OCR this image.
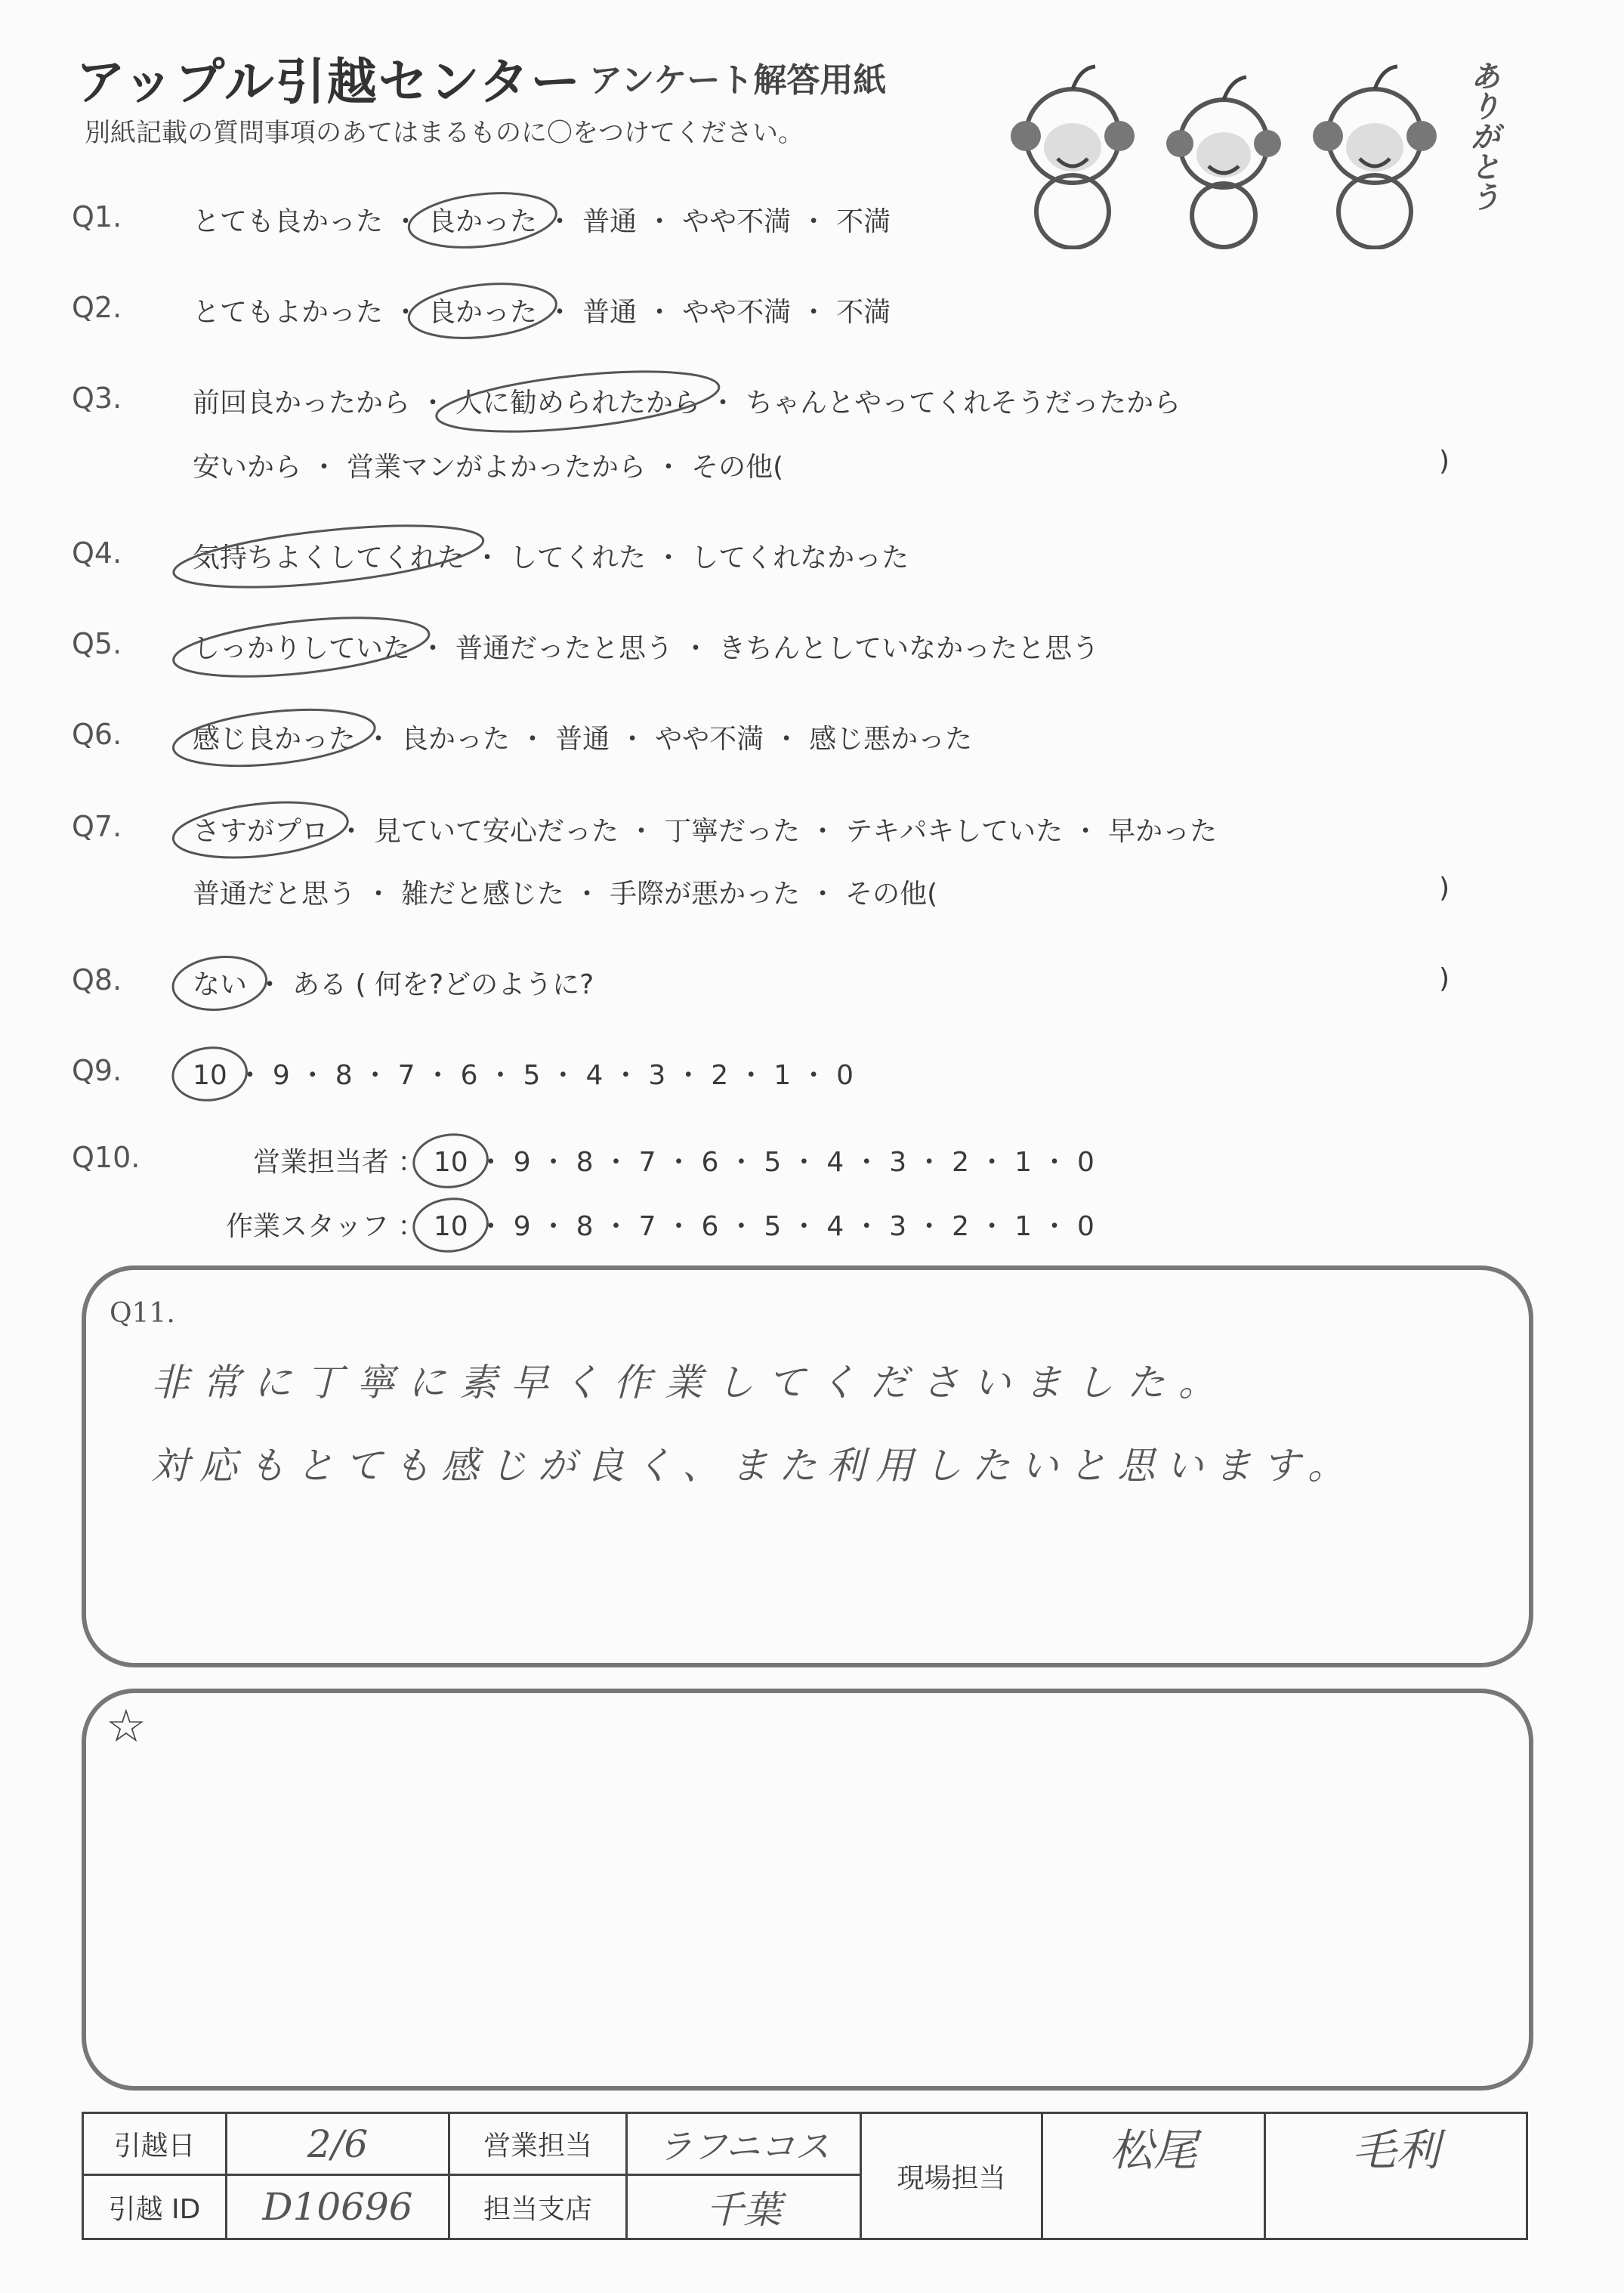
アップル引越センター アンケート解答用紙
別紙記載の質問事項のあてはまるものに〇をつけてください。	ありがとう
Q1.	とても良かった ・ 良かった ・ 普通 ・ やや不満 ・ 不満
Q2.	とてもよかった ・ 良かった ・ 普通 ・ やや不満 ・ 不満
Q3.	前回良かったから ・ 人に勧められたから ・ ちゃんとやってくれそうだったから
安いから ・ 営業マンがよかったから ・ その他(	)
Q4.	気持ちよくしてくれた ・ してくれた ・ してくれなかった
Q5.	しっかりしていた ・ 普通だったと思う ・ きちんとしていなかったと思う
Q6.	感じ良かった ・ 良かった ・ 普通 ・ やや不満 ・ 感じ悪かった
Q7.	さすがプロ ・ 見ていて安心だった ・ 丁寧だった ・ テキパキしていた ・ 早かった
普通だと思う ・ 雑だと感じた ・ 手際が悪かった ・ その他(	)
Q8.	ない ・ ある ( 何を?どのように?	)
Q9.	10 ・ 9 ・ 8 ・ 7 ・ 6 ・ 5 ・ 4 ・ 3 ・ 2 ・ 1 ・ 0
Q10.	営業担当者 ： 10 ・ 9 ・ 8 ・ 7 ・ 6 ・ 5 ・ 4 ・ 3 ・ 2 ・ 1 ・ 0
作業スタッフ ： 10 ・ 9 ・ 8 ・ 7 ・ 6 ・ 5 ・ 4 ・ 3 ・ 2 ・ 1 ・ 0
Q11.
非常に丁寧に素早く作業してくださいました。
対応もとても感じが良く、また利用したいと思います。
☆
引越日	2/6	営業担当	ラフニコス	現場担当	松尾	毛利
引越 ID	D10696	担当支店	千葉			
